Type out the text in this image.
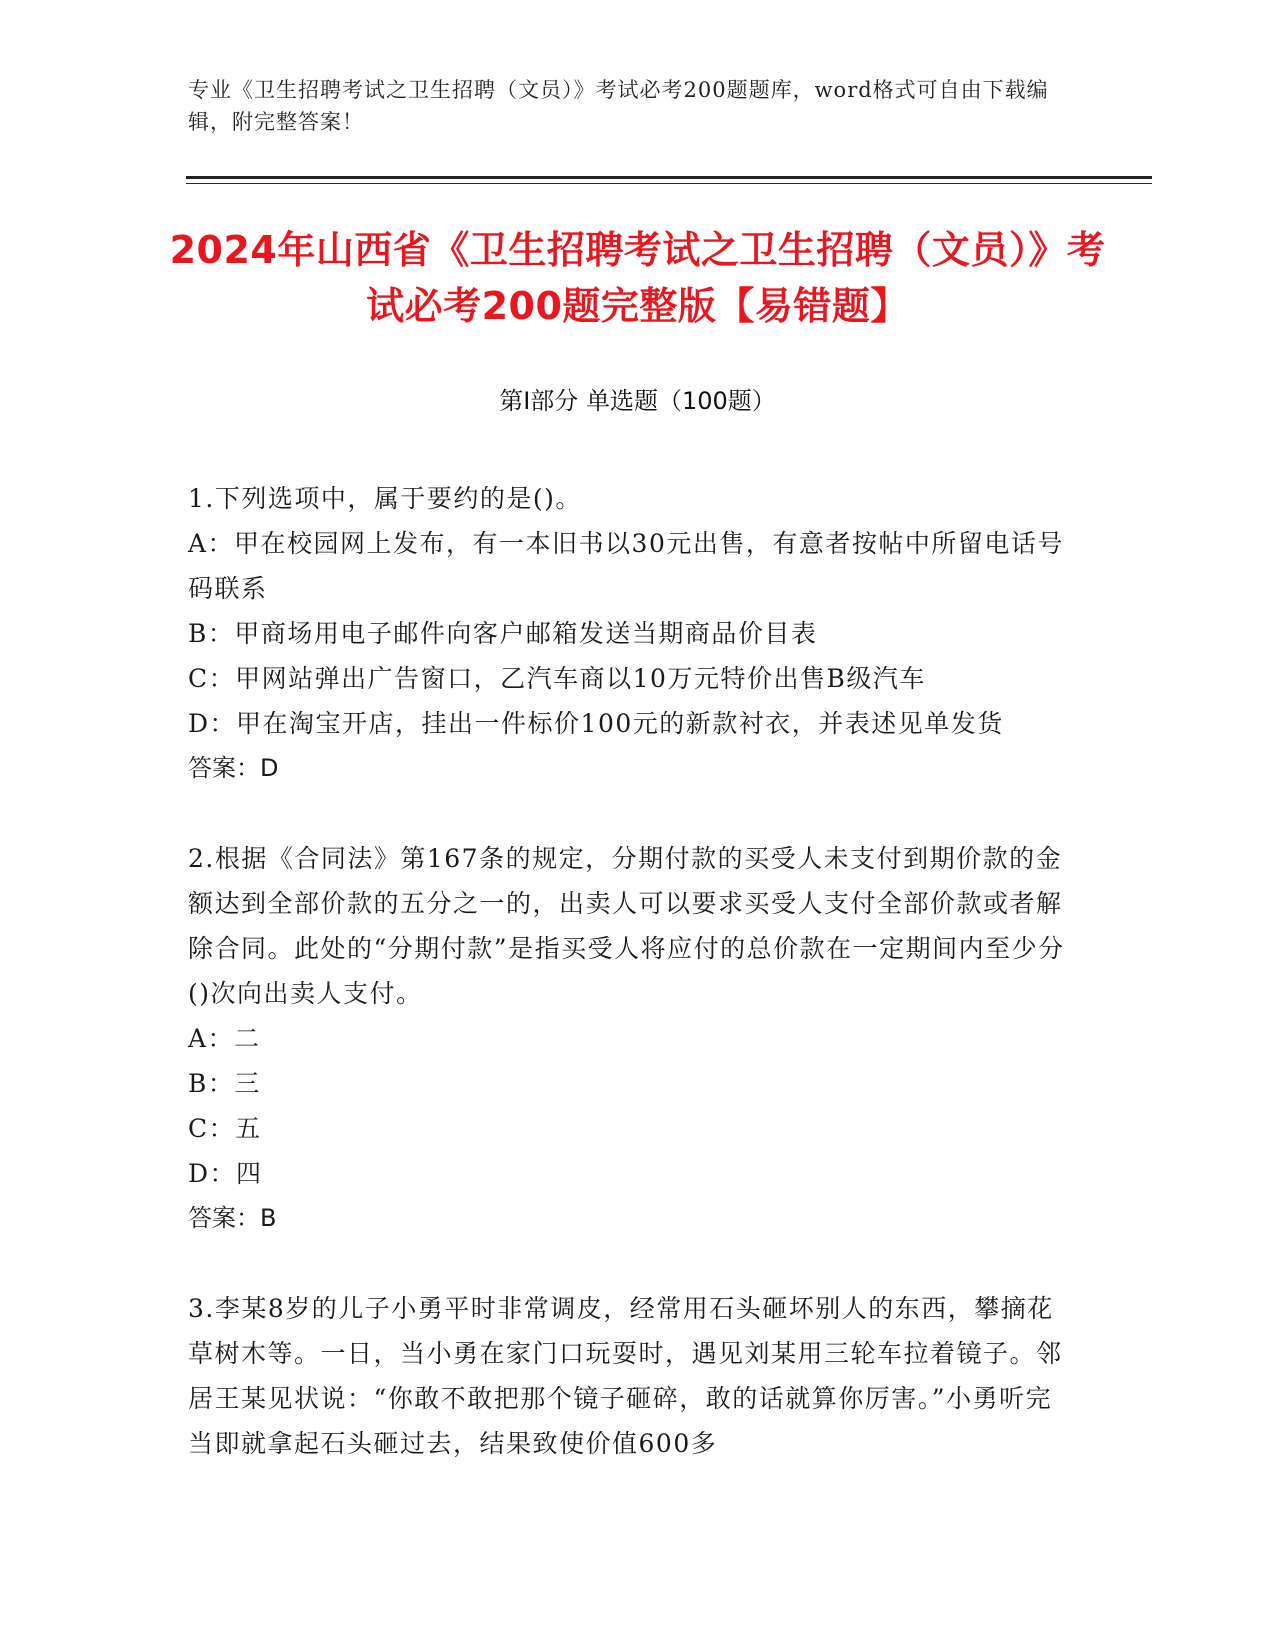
专业《卫生招聘考试之卫生招聘（文员）》考试必考200题题库，word格式可自由下载编辑，附完整答案！
2024年山西省《卫生招聘考试之卫生招聘（文员）》考试必考200题完整版【易错题】
第Ⅰ部分 单选题（100题）

1.下列选项中，属于要约的是()。

A：甲在校园网上发布，有一本旧书以30元出售，有意者按帖中所留电话号码联系

B：甲商场用电子邮件向客户邮箱发送当期商品价目表

C：甲网站弹出广告窗口，乙汽车商以10万元特价出售B级汽车

D：甲在淘宝开店，挂出一件标价100元的新款衬衣，并表述见单发货

答案：D

2.根据《合同法》第167条的规定，分期付款的买受人未支付到期价款的金额达到全部价款的五分之一的，出卖人可以要求买受人支付全部价款或者解除合同。此处的“分期付款”是指买受人将应付的总价款在一定期间内至少分()次向出卖人支付。

A：二

B：三

C：五

D：四

答案：B

3.李某8岁的儿子小勇平时非常调皮，经常用石头砸坏别人的东西，攀摘花草树木等。一日，当小勇在家门口玩耍时，遇见刘某用三轮车拉着镜子。邻居王某见状说：“你敢不敢把那个镜子砸碎，敢的话就算你厉害。”小勇听完当即就拿起石头砸过去，结果致使价值600多
